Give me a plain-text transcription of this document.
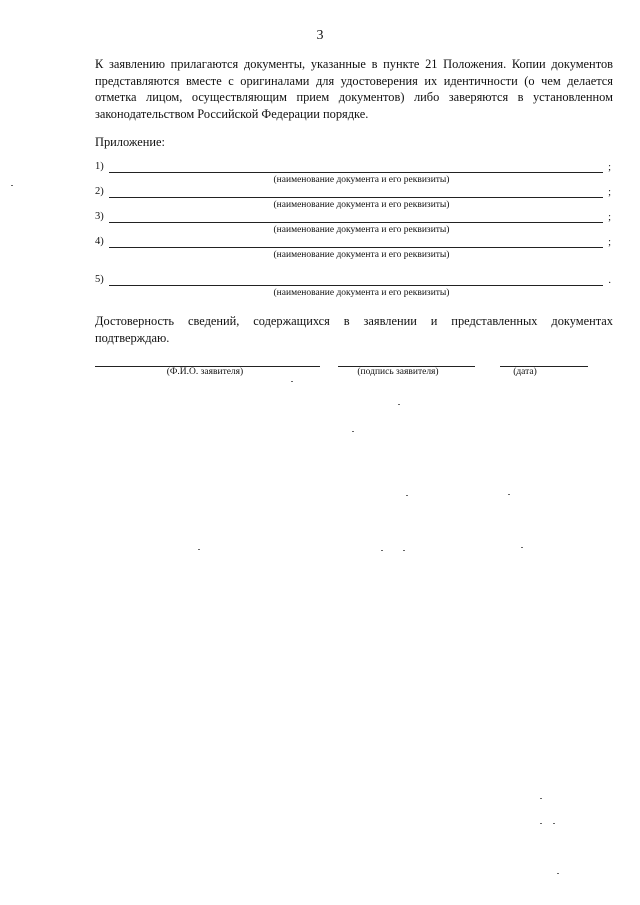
3
К заявлению прилагаются документы, указанные в пункте 21 Положения. Копии документов представляются вместе с оригиналами для удостоверения их идентичности (о чем делается отметка лицом, осуществляющим прием документов) либо заверяются в установленном законодательством Российской Федерации порядке.
Приложение:
1)	;
(наименование документа и его реквизиты)
2)	;
(наименование документа и его реквизиты)
3)	;
(наименование документа и его реквизиты)
4)	;
(наименование документа и его реквизиты)
5)	.
(наименование документа и его реквизиты)
Достоверность сведений, содержащихся в заявлении и представленных документах подтверждаю.
(Ф.И.О. заявителя)	(подпись заявителя)	(дата)
